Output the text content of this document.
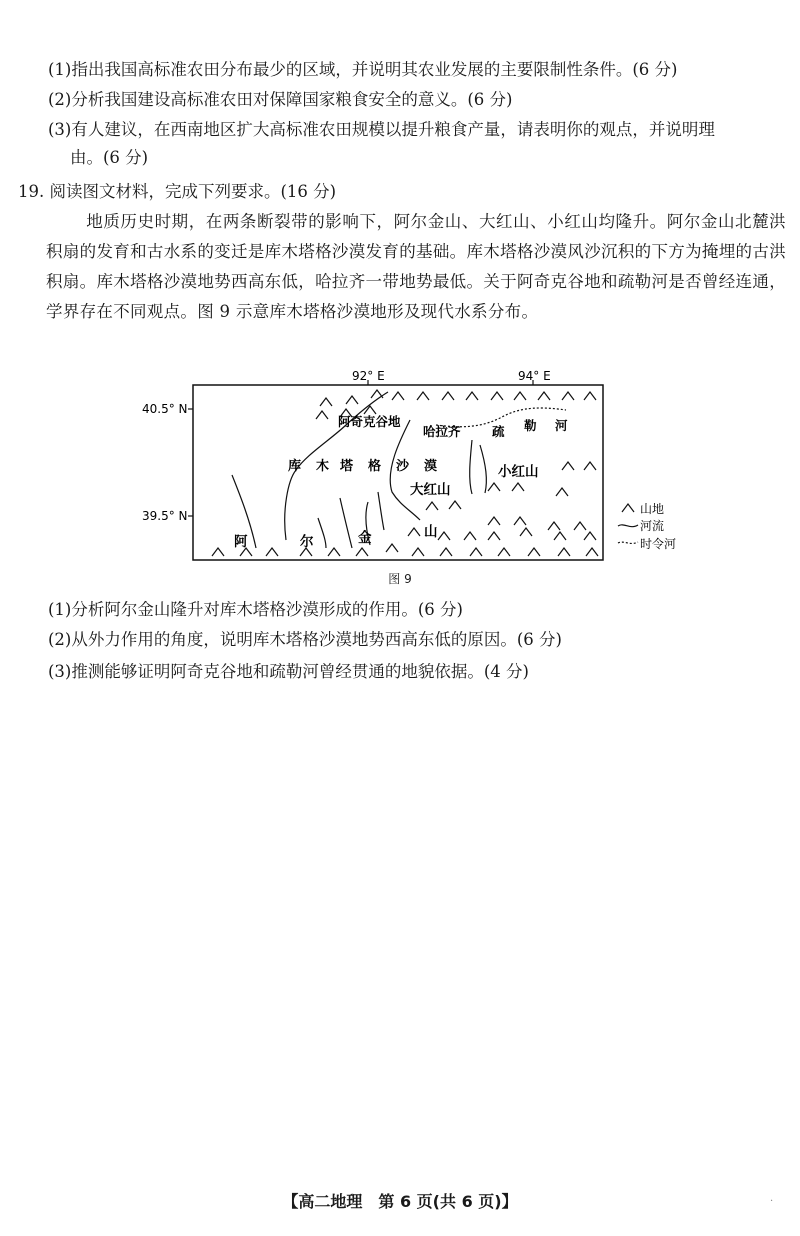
(1)指出我国高标准农田分布最少的区域，并说明其农业发展的主要限制性条件。(6 分)
(2)分析我国建设高标准农田对保障国家粮食安全的意义。(6 分)
(3)有人建议，在西南地区扩大高标准农田规模以提升粮食产量，请表明你的观点，并说明理
由。(6 分)
19. 阅读图文材料，完成下列要求。(16 分)
地质历史时期，在两条断裂带的影响下，阿尔金山、大红山、小红山均隆升。阿尔金山北麓洪积扇的发育和古水系的变迁是库木塔格沙漠发育的基础。库木塔格沙漠风沙沉积的下方为掩埋的古洪积扇。库木塔格沙漠地势西高东低，哈拉齐一带地势最低。关于阿奇克谷地和疏勒河是否曾经连通，学界存在不同观点。图 9 示意库木塔格沙漠地形及现代水系分布。
92° E	94° E
40.5° N
39.5° N
阿奇克谷地
哈拉齐	疏 勒 河
库 木 塔 格 沙 漠
大红山
小红山
阿	尔	金	山
山地
河流
时令河
图 9
(1)分析阿尔金山隆升对库木塔格沙漠形成的作用。(6 分)
(2)从外力作用的角度，说明库木塔格沙漠地势西高东低的原因。(6 分)
(3)推测能够证明阿奇克谷地和疏勒河曾经贯通的地貌依据。(4 分)
【高二地理　第 6 页(共 6 页)】	·
